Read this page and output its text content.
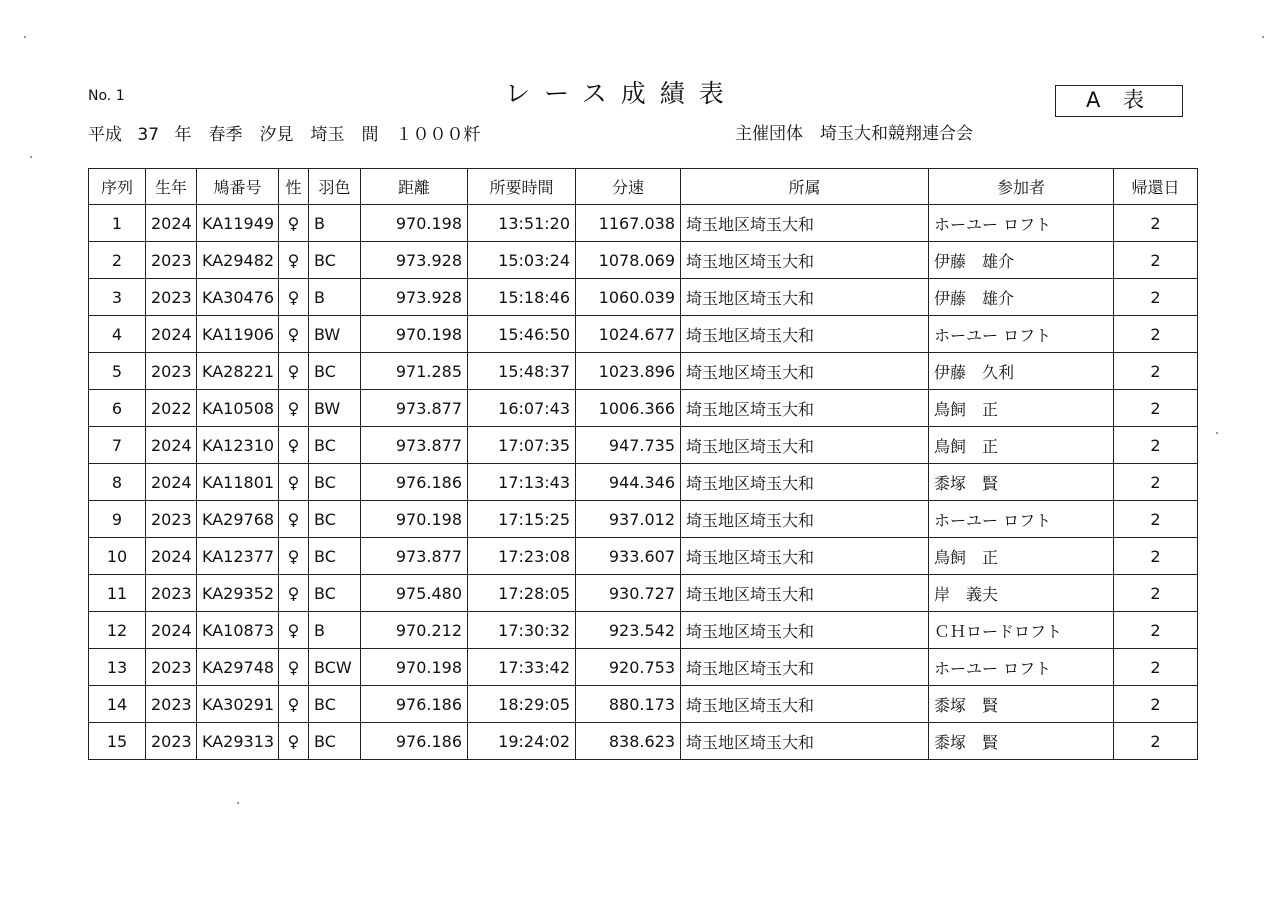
No. 1	レース成績表	A 表
平成 37 年　春季　汐見　埼玉　間　１０００粁	主催団体　埼玉大和競翔連合会
序列	生年	鳩番号	性	羽色	距離	所要時間	分速	所属	参加者	帰還日
1	2024	KA11949	♀	B	970.198	13:51:20	1167.038	埼玉地区埼玉大和	ホーユー ロフト	2
2	2023	KA29482	♀	BC	973.928	15:03:24	1078.069	埼玉地区埼玉大和	伊藤　雄介	2
3	2023	KA30476	♀	B	973.928	15:18:46	1060.039	埼玉地区埼玉大和	伊藤　雄介	2
4	2024	KA11906	♀	BW	970.198	15:46:50	1024.677	埼玉地区埼玉大和	ホーユー ロフト	2
5	2023	KA28221	♀	BC	971.285	15:48:37	1023.896	埼玉地区埼玉大和	伊藤　久利	2
6	2022	KA10508	♀	BW	973.877	16:07:43	1006.366	埼玉地区埼玉大和	鳥飼　正	2
7	2024	KA12310	♀	BC	973.877	17:07:35	947.735	埼玉地区埼玉大和	鳥飼　正	2
8	2024	KA11801	♀	BC	976.186	17:13:43	944.346	埼玉地区埼玉大和	黍塚　賢	2
9	2023	KA29768	♀	BC	970.198	17:15:25	937.012	埼玉地区埼玉大和	ホーユー ロフト	2
10	2024	KA12377	♀	BC	973.877	17:23:08	933.607	埼玉地区埼玉大和	鳥飼　正	2
11	2023	KA29352	♀	BC	975.480	17:28:05	930.727	埼玉地区埼玉大和	岸　義夫	2
12	2024	KA10873	♀	B	970.212	17:30:32	923.542	埼玉地区埼玉大和	ＣＨロードロフト	2
13	2023	KA29748	♀	BCW	970.198	17:33:42	920.753	埼玉地区埼玉大和	ホーユー ロフト	2
14	2023	KA30291	♀	BC	976.186	18:29:05	880.173	埼玉地区埼玉大和	黍塚　賢	2
15	2023	KA29313	♀	BC	976.186	19:24:02	838.623	埼玉地区埼玉大和	黍塚　賢	2
